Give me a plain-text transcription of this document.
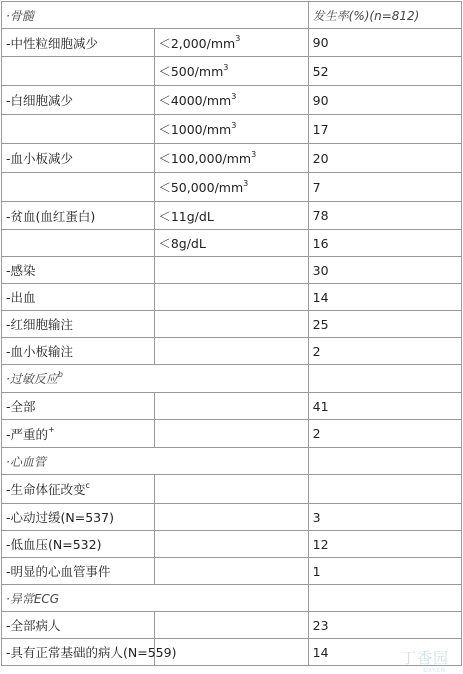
·骨髓		发生率(%)(n=812)
-中性粒细胞减少	$<2,000/mm^3$	90
	$<500/mm^3$	52
-白细胞减少	$<4000/mm^3$	90
	$<1000/mm^3$	17
-血小板减少	$<100,000/mm^3$	20
	$<50,000/mm^3$	7
-贫血(血红蛋白)	＜11g/dL	78
	＜8g/dL	16
-感染		30
-出血		14
-红细胞输注		25
-血小板输注		2
·过敏反应$^b$	
-全部		41
-严重的+		2
·心血管		
-生命体征改变$^c$		
-心动过缓(N=537)		3
-低血压(N=532)		12
-明显的心血管事件		1
·异常ECG		
-全部病人		23
-具有正常基础的病人(N=559)		14	丁香园
DXY.CN
